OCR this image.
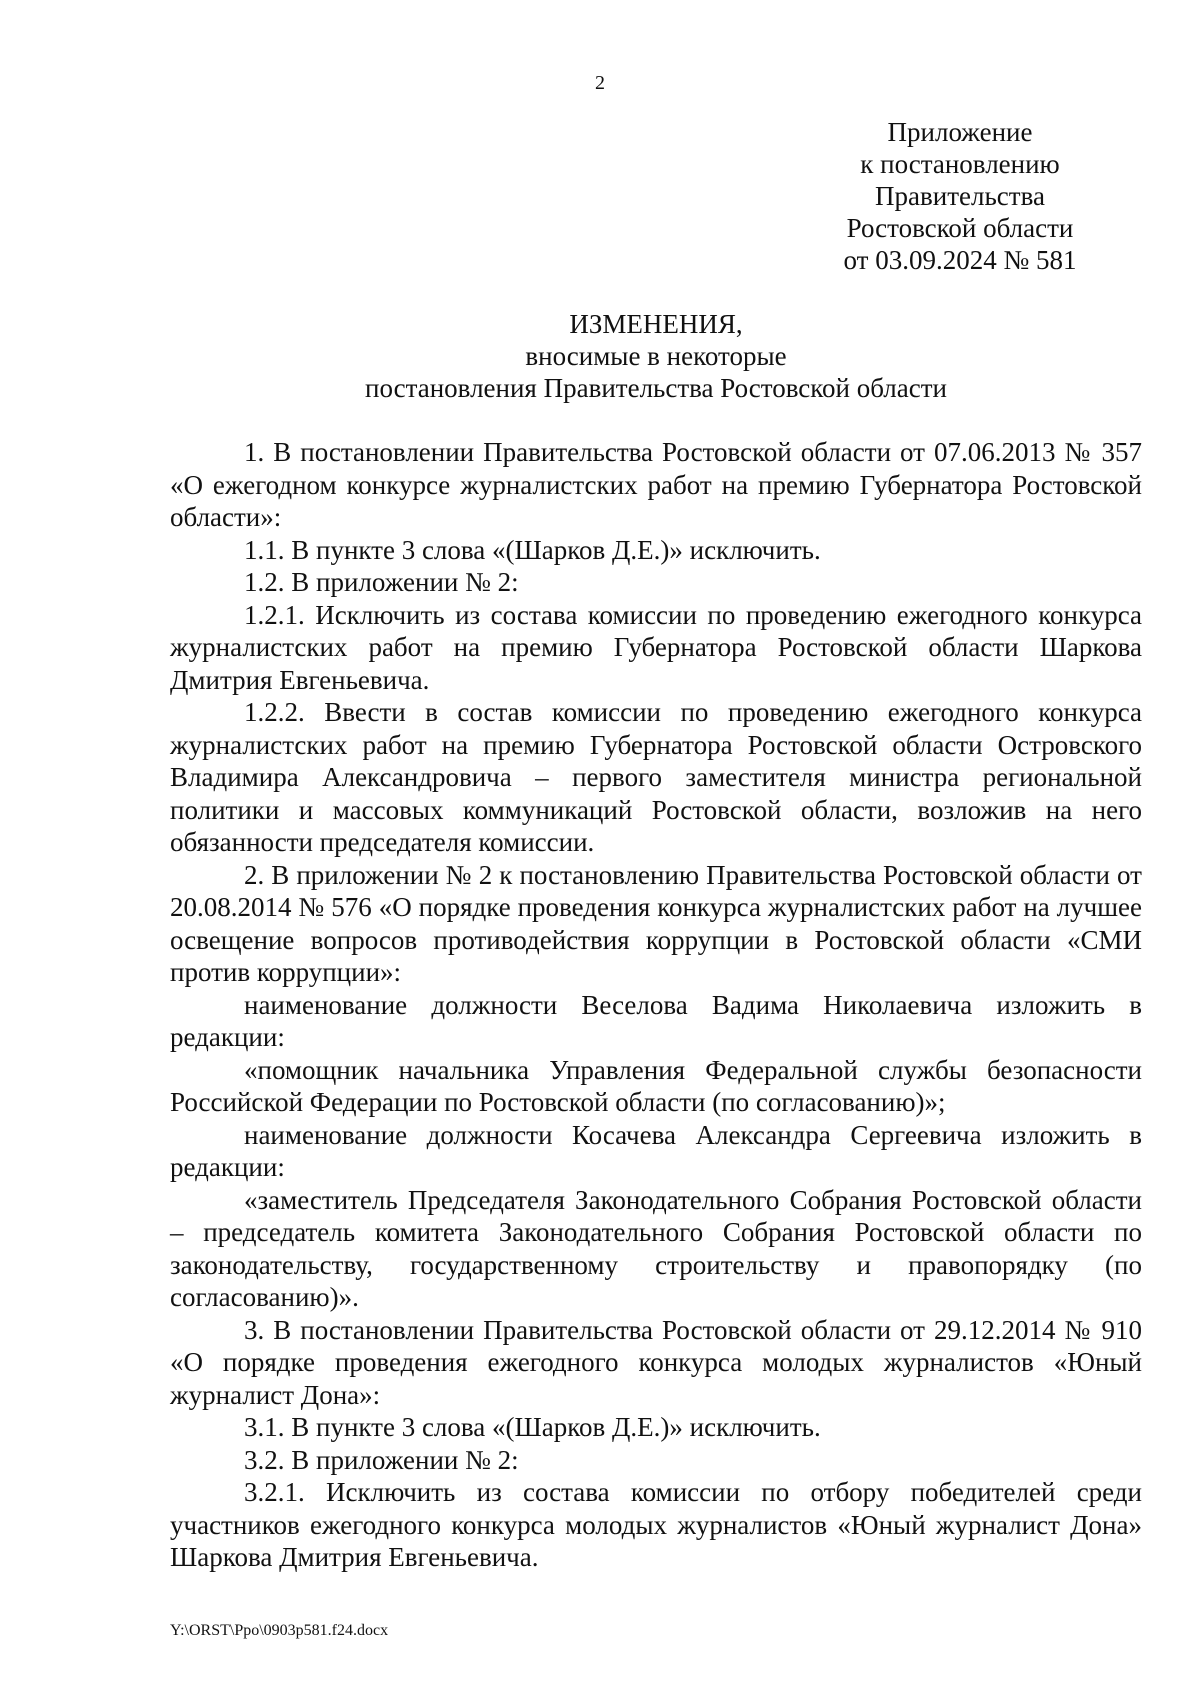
2
Приложение
к постановлению
Правительства
Ростовской области
от 03.09.2024 № 581
ИЗМЕНЕНИЯ,
вносимые в некоторые
постановления Правительства Ростовской области

1. В постановлении Правительства Ростовской области от 07.06.2013 № 357 «О ежегодном конкурсе журналистских работ на премию Губернатора Ростовской области»:

1.1. В пункте 3 слова «(Шарков Д.Е.)» исключить.

1.2. В приложении № 2:

1.2.1. Исключить из состава комиссии по проведению ежегодного конкурса журналистских работ на премию Губернатора Ростовской области Шаркова Дмитрия Евгеньевича.

1.2.2. Ввести в состав комиссии по проведению ежегодного конкурса журналистских работ на премию Губернатора Ростовской области Островского Владимира Александровича – первого заместителя министра региональной политики и массовых коммуникаций Ростовской области, возложив на него обязанности председателя комиссии.

2. В приложении № 2 к постановлению Правительства Ростовской области от 20.08.2014 № 576 «О порядке проведения конкурса журналистских работ на лучшее освещение вопросов противодействия коррупции в Ростовской области «СМИ против коррупции»:

наименование должности Веселова Вадима Николаевича изложить в редакции:

«помощник начальника Управления Федеральной службы безопасности Российской Федерации по Ростовской области (по согласованию)»;

наименование должности Косачева Александра Сергеевича изложить в редакции:

«заместитель Председателя Законодательного Собрания Ростовской области – председатель комитета Законодательного Собрания Ростовской области по законодательству, государственному строительству и правопорядку (по согласованию)».

3. В постановлении Правительства Ростовской области от 29.12.2014 № 910 «О порядке проведения ежегодного конкурса молодых журналистов «Юный журналист Дона»:

3.1. В пункте 3 слова «(Шарков Д.Е.)» исключить.

3.2. В приложении № 2:

3.2.1. Исключить из состава комиссии по отбору победителей среди участников ежегодного конкурса молодых журналистов «Юный журналист Дона» Шаркова Дмитрия Евгеньевича.

Y:\ORST\Ppo\0903p581.f24.docx
